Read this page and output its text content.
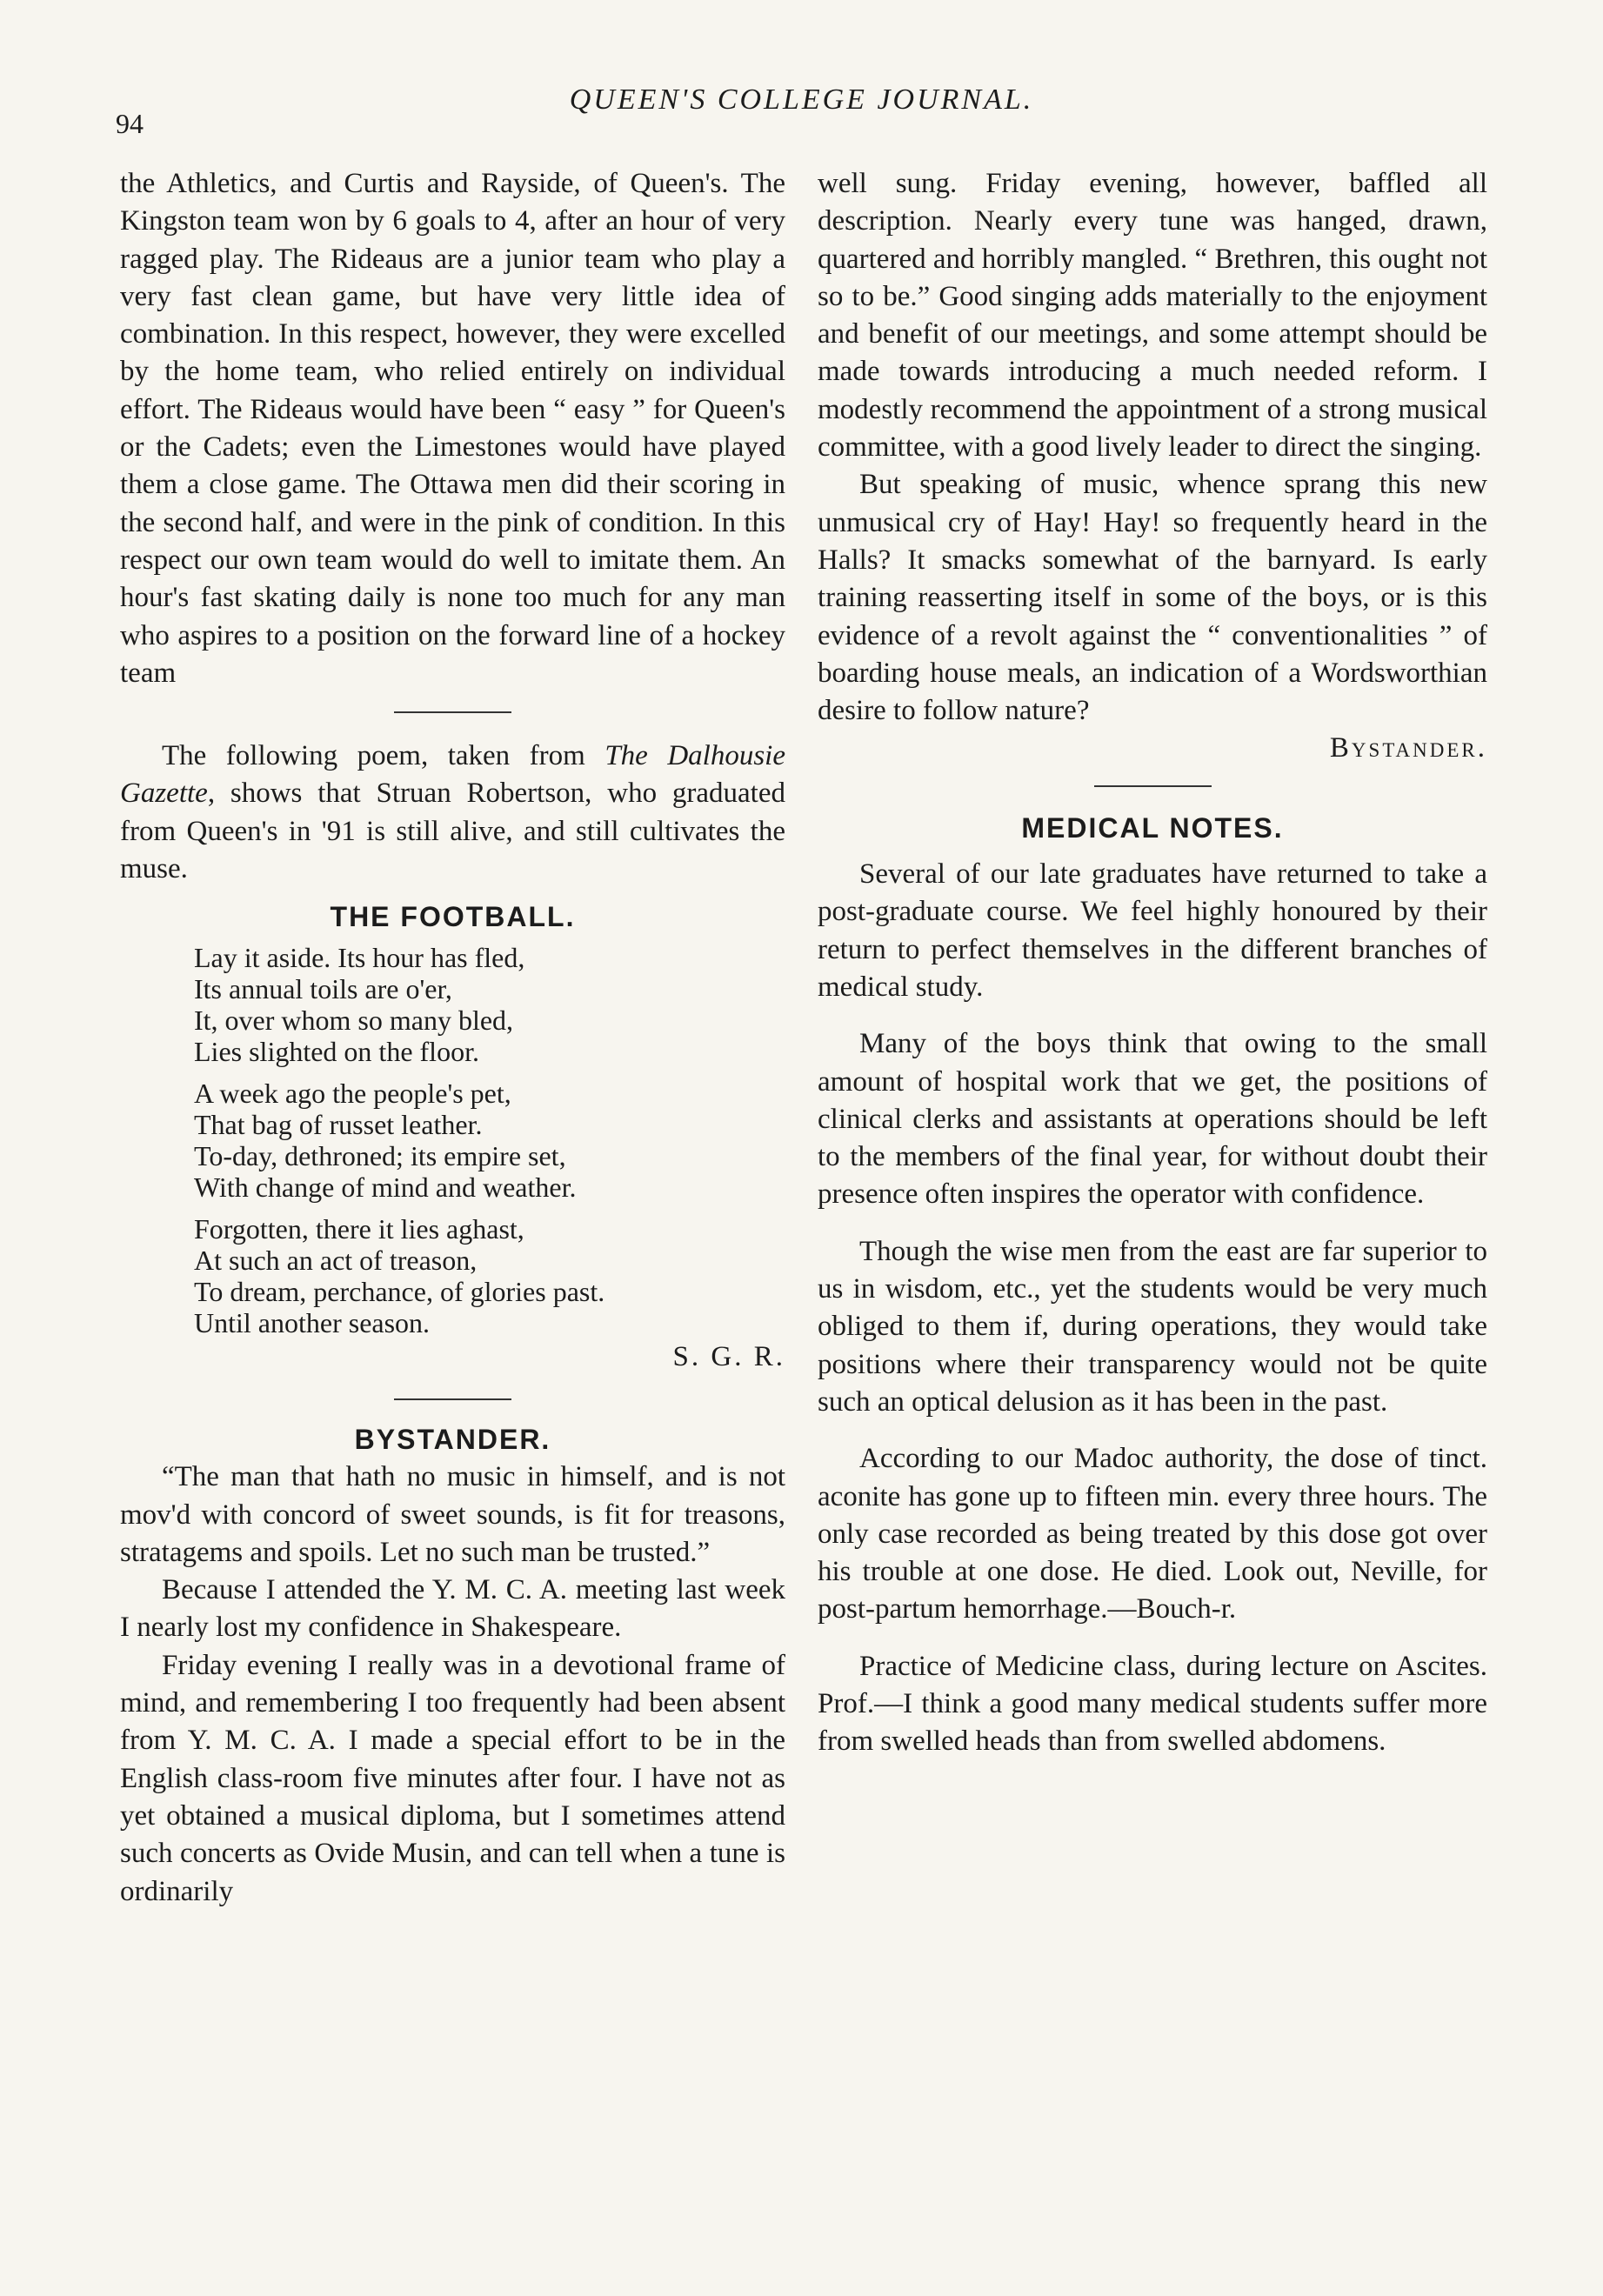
94
QUEEN'S COLLEGE JOURNAL.

the Athletics, and Curtis and Rayside, of Queen's. The Kingston team won by 6 goals to 4, after an hour of very ragged play. The Rideaus are a junior team who play a very fast clean game, but have very little idea of combination. In this respect, however, they were excelled by the home team, who relied entirely on individual effort. The Rideaus would have been “ easy ” for Queen's or the Cadets; even the Limestones would have played them a close game. The Ottawa men did their scoring in the second half, and were in the pink of condition. In this respect our own team would do well to imitate them. An hour's fast skating daily is none too much for any man who aspires to a position on the forward line of a hockey team

The following poem, taken from The Dalhousie Gazette, shows that Struan Robertson, who graduated from Queen's in '91 is still alive, and still cultivates the muse.

THE FOOTBALL.
Lay it aside. Its hour has fled,
Its annual toils are o'er,
It, over whom so many bled,
Lies slighted on the floor.
A week ago the people's pet,
That bag of russet leather.
To-day, dethroned; its empire set,
With change of mind and weather.
Forgotten, there it lies aghast,
At such an act of treason,
To dream, perchance, of glories past.
Until another season.
S. G. R.
BYSTANDER.

“The man that hath no music in himself, and is not mov'd with concord of sweet sounds, is fit for treasons, stratagems and spoils. Let no such man be trusted.”

Because I attended the Y. M. C. A. meeting last week I nearly lost my confidence in Shakespeare.

Friday evening I really was in a devotional frame of mind, and remembering I too frequently had been absent from Y. M. C. A. I made a special effort to be in the English class-room five minutes after four. I have not as yet obtained a musical diploma, but I sometimes attend such concerts as Ovide Musin, and can tell when a tune is ordinarily

well sung. Friday evening, however, baffled all description. Nearly every tune was hanged, drawn, quartered and horribly mangled. “ Brethren, this ought not so to be.” Good singing adds materially to the enjoyment and benefit of our meetings, and some attempt should be made towards introducing a much needed reform. I modestly recommend the appointment of a strong musical committee, with a good lively leader to direct the singing.

But speaking of music, whence sprang this new unmusical cry of Hay! Hay! so frequently heard in the Halls? It smacks somewhat of the barnyard. Is early training reasserting itself in some of the boys, or is this evidence of a revolt against the “ conventionalities ” of boarding house meals, an indication of a Wordsworthian desire to follow nature?

Bystander.
MEDICAL NOTES.

Several of our late graduates have returned to take a post-graduate course. We feel highly honoured by their return to perfect themselves in the different branches of medical study.

Many of the boys think that owing to the small amount of hospital work that we get, the positions of clinical clerks and assistants at operations should be left to the members of the final year, for without doubt their presence often inspires the operator with confidence.

Though the wise men from the east are far superior to us in wisdom, etc., yet the students would be very much obliged to them if, during operations, they would take positions where their transparency would not be quite such an optical delusion as it has been in the past.

According to our Madoc authority, the dose of tinct. aconite has gone up to fifteen min. every three hours. The only case recorded as being treated by this dose got over his trouble at one dose. He died. Look out, Neville, for post-partum hemorrhage.—Bouch-r.

Practice of Medicine class, during lecture on Ascites. Prof.—I think a good many medical students suffer more from swelled heads than from swelled abdomens.
